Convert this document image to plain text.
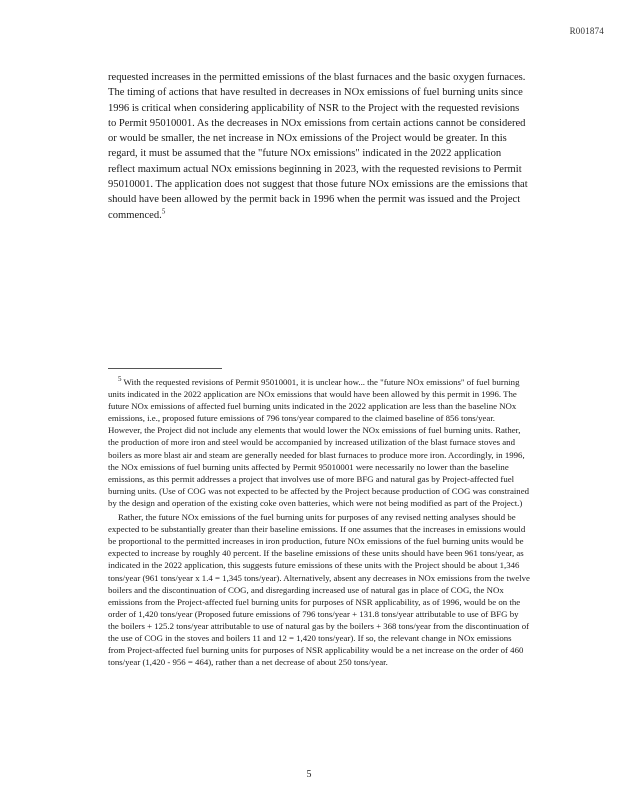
R001874

requested increases in the permitted emissions of the blast furnaces and the basic oxygen furnaces. The timing of actions that have resulted in decreases in NOx emissions of fuel burning units since 1996 is critical when considering applicability of NSR to the Project with the requested revisions to Permit 95010001. As the decreases in NOx emissions from certain actions cannot be considered or would be smaller, the net increase in NOx emissions of the Project would be greater. In this regard, it must be assumed that the "future NOx emissions" indicated in the 2022 application reflect maximum actual NOx emissions beginning in 2023, with the requested revisions to Permit 95010001. The application does not suggest that those future NOx emissions are the emissions that should have been allowed by the permit back in 1996 when the permit was issued and the Project commenced.$^5$

$^5$ With the requested revisions of Permit 95010001, it is unclear how... the "future NOx emissions" of fuel burning units indicated in the 2022 application are NOx emissions that would have been allowed by this permit in 1996. The future NOx emissions of affected fuel burning units indicated in the 2022 application are less than the baseline NOx emissions, i.e., proposed future emissions of 796 tons/year compared to the claimed baseline of 856 tons/year. However, the Project did not include any elements that would lower the NOx emissions of fuel burning units. Rather, the production of more iron and steel would be accompanied by increased utilization of the blast furnace stoves and boilers as more blast air and steam are generally needed for blast furnaces to produce more iron. Accordingly, in 1996, the NOx emissions of fuel burning units affected by Permit 95010001 were necessarily no lower than the baseline emissions, as this permit addresses a project that involves use of more BFG and natural gas by Project-affected fuel burning units. (Use of COG was not expected to be affected by the Project because production of COG was constrained by the design and operation of the existing coke oven batteries, which were not being modified as part of the Project.)

Rather, the future NOx emissions of the fuel burning units for purposes of any revised netting analyses should be expected to be substantially greater than their baseline emissions. If one assumes that the increases in emissions would be proportional to the permitted increases in iron production, future NOx emissions of the fuel burning units would be expected to increase by roughly 40 percent. If the baseline emissions of these units should have been 961 tons/year, as indicated in the 2022 application, this suggests future emissions of these units with the Project should be about 1,346 tons/year (961 tons/year x 1.4 = 1,345 tons/year). Alternatively, absent any decreases in NOx emissions from the twelve boilers and the discontinuation of COG, and disregarding increased use of natural gas in place of COG, the NOx emissions from the Project-affected fuel burning units for purposes of NSR applicability, as of 1996, would be on the order of 1,420 tons/year (Proposed future emissions of 796 tons/year + 131.8 tons/year attributable to use of BFG by the boilers + 125.2 tons/year attributable to use of natural gas by the boilers + 368 tons/year from the discontinuation of the use of COG in the stoves and boilers 11 and 12 = 1,420 tons/year). If so, the relevant change in NOx emissions from Project-affected fuel burning units for purposes of NSR applicability would be a net increase on the order of 460 tons/year (1,420 - 956 = 464), rather than a net decrease of about 250 tons/year.

5
